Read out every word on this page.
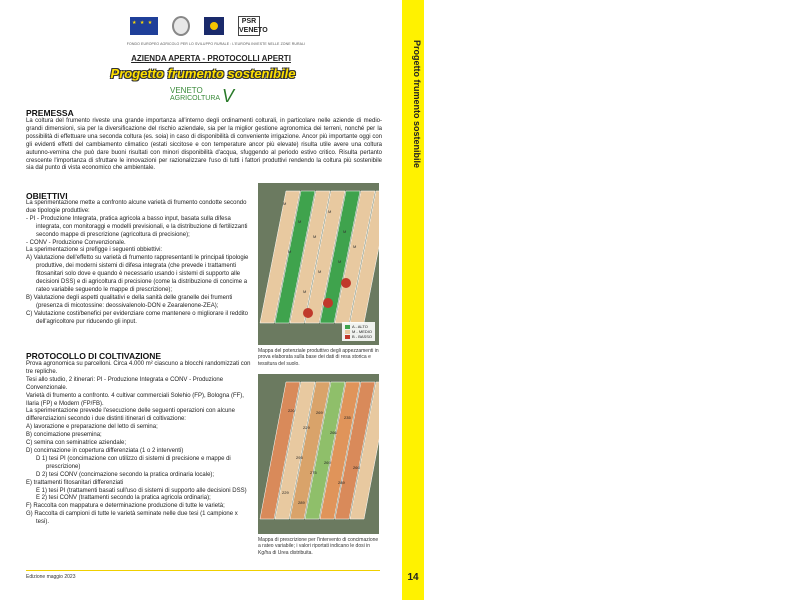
★ ★ ★
PSR
VENETO
FONDO EUROPEO AGRICOLO PER LO SVILUPPO RURALE : L'EUROPA INVESTE NELLE ZONE RURALI
AZIENDA APERTA - PROTOCOLLI APERTI
Progetto frumento sostenibile
VENETO
AGRICOLTURA V
PREMESSA
La coltura del frumento riveste una grande importanza all'interno degli ordinamenti colturali, in particolare nelle aziende di medio-grandi dimensioni, sia per la diversificazione del rischio aziendale, sia per la miglior gestione agronomica dei terreni, nonché per la possibilità di effettuare una seconda coltura (es. soia) in caso di disponibilità di conveniente irrigazione. Ancor più importante oggi con gli evidenti effetti del cambiamento climatico (estati siccitose e con temperature ancor più elevate) risulta utile avere una coltura autunno-vernina che può dare buoni risultati con minori disponibilità d'acqua, sfuggendo al periodo estivo critico. Risulta pertanto crescente l'importanza di sfruttare le innovazioni per razionalizzare l'uso di tutti i fattori produttivi rendendo la coltura più sostenibile sia dal punto di vista economico che ambientale.
OBIETTIVI
La sperimentazione mette a confronto alcune varietà di frumento condotte secondo due tipologie produttive:
- PI - Produzione Integrata, pratica agricola a basso input, basata sulla difesa integrata, con monitoraggi e modelli previsionali, e la distribuzione di fertilizzanti secondo mappe di prescrizione (agricoltura di precisione);
- CONV - Produzione Convenzionale.
La sperimentazione si prefigge i seguenti obbiettivi:
A) Valutazione dell'effetto su varietà di frumento rappresentanti le principali tipologie produttive, dei moderni sistemi di difesa integrata (che prevede i trattamenti fitosanitari solo dove e quando è necessario usando i sistemi di supporto alle decisioni DSS) e di agricoltura di precisione (come la distribuzione di concime a rateo variabile seguendo le mappe di prescrizione);
B) Valutazione degli aspetti qualitativi e della sanità delle granelle dei frumenti (presenza di micotossine: deossivalenolo-DON e Zearalenone-ZEA);
C) Valutazione costi/benefici per evidenziare come mantenere o migliorare il reddito dell'agricoltore pur riducendo gli input.
PROTOCOLLO DI COLTIVAZIONE
Prova agronomica su parcelloni. Circa 4.000 m² ciascuno a blocchi randomizzati con tre repliche.
Tesi allo studio, 2 itinerari: PI - Produzione Integrata e CONV - Produzione Convenzionale.
Varietà di frumento a confronto. 4 cultivar commerciali Solehio (FP), Bologna (FF), Ilaria (FP) e Modern (FP/FB).
La sperimentazione prevede l'esecuzione delle seguenti operazioni con alcune differenziazioni secondo i due distinti itinerari di coltivazione:
A) lavorazione e preparazione del letto di semina;
B) concimazione presemina;
C) semina con seminatrice aziendale;
D) concimazione in copertura differenziata (1 o 2 interventi)
D 1) tesi PI (concimazione con utilizzo di sistemi di precisione e mappe di prescrizione)
D 2) tesi CONV (concimazione secondo la pratica ordinaria locale);
E) trattamenti fitosanitari differenziati
E 1) tesi PI (trattamenti basati sull'uso di sistemi di supporto alle decisioni DSS)
E 2) tesi CONV (trattamenti secondo la pratica agricola ordinaria);
F) Raccolta con mappatura e determinazione produzione di tutte le varietà;
G) Raccolta di campioni di tutte le varietà seminate nelle due tesi (1 campione x tesi).
M
M
M
M
M
M
M
M
M
M
A - ALTO
M - MEDIO
B - BASSO
Mappa del potenziale produttivo degli appezzamenti in prova elaborata sulla base dei dati di resa storica e tessitura del suolo.
220
229
269
266
235
295
275
269
289
229
289
266
Mappa di prescrizione per l'intervento di concimazione a rateo variabile; i valori riportati indicano le dosi in Kg/ha di Urea distribuita.
Edizione maggio 2023
Progetto frumento sostenibile
14
